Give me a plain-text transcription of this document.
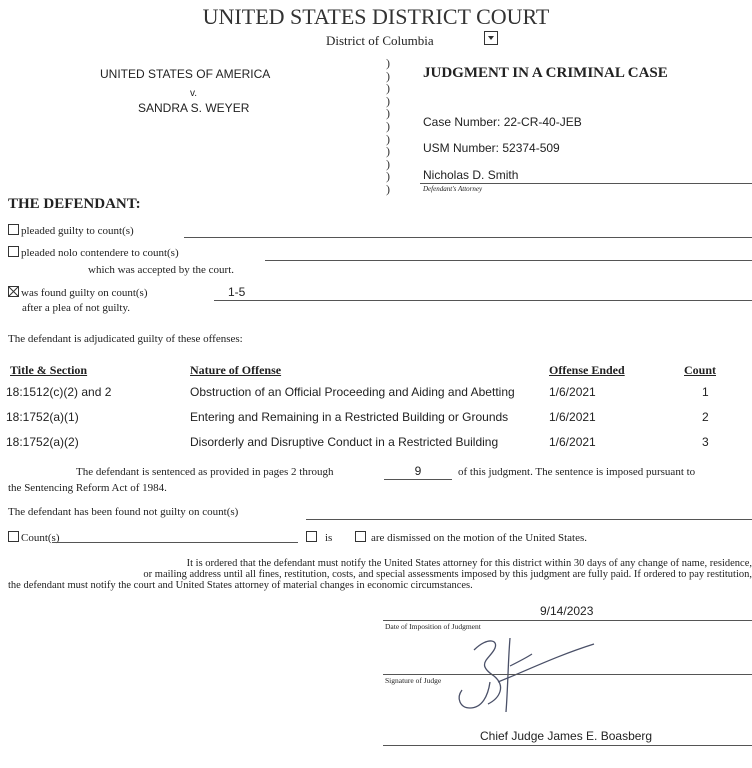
UNITED STATES DISTRICT COURT
District of Columbia
UNITED STATES OF AMERICA
v.
SANDRA S. WEYER
)
)
)
)
)
)
)
)
)
)
)
JUDGMENT IN A CRIMINAL CASE
Case Number: 22-CR-40-JEB
USM Number: 52374-509
Nicholas D. Smith
Defendant's Attorney
THE DEFENDANT:
pleaded guilty to count(s)
pleaded nolo contendere to count(s)
which was accepted by the court.
was found guilty on count(s)	1-5
after a plea of not guilty.
The defendant is adjudicated guilty of these offenses:
Title & Section	Nature of Offense	Offense Ended	Count
18:1512(c)(2) and 2	Obstruction of an Official Proceeding and Aiding and Abetting	1/6/2021	1
18:1752(a)(1)	Entering and Remaining in a Restricted Building or Grounds	1/6/2021	2
18:1752(a)(2)	Disorderly and Disruptive Conduct in a Restricted Building	1/6/2021	3
The defendant is sentenced as provided in pages 2 through	9	of this judgment. The sentence is imposed pursuant to
the Sentencing Reform Act of 1984.
The defendant has been found not guilty on count(s)
Count(s)	is	are dismissed on the motion of the United States.
It is ordered that the defendant must notify the United States attorney for this district within 30 days of any change of name, residence,
or mailing address until all fines, restitution, costs, and special assessments imposed by this judgment are fully paid. If ordered to pay restitution,
the defendant must notify the court and United States attorney of material changes in economic circumstances.
9/14/2023
Date of Imposition of Judgment
Signature of Judge
Chief Judge James E. Boasberg
